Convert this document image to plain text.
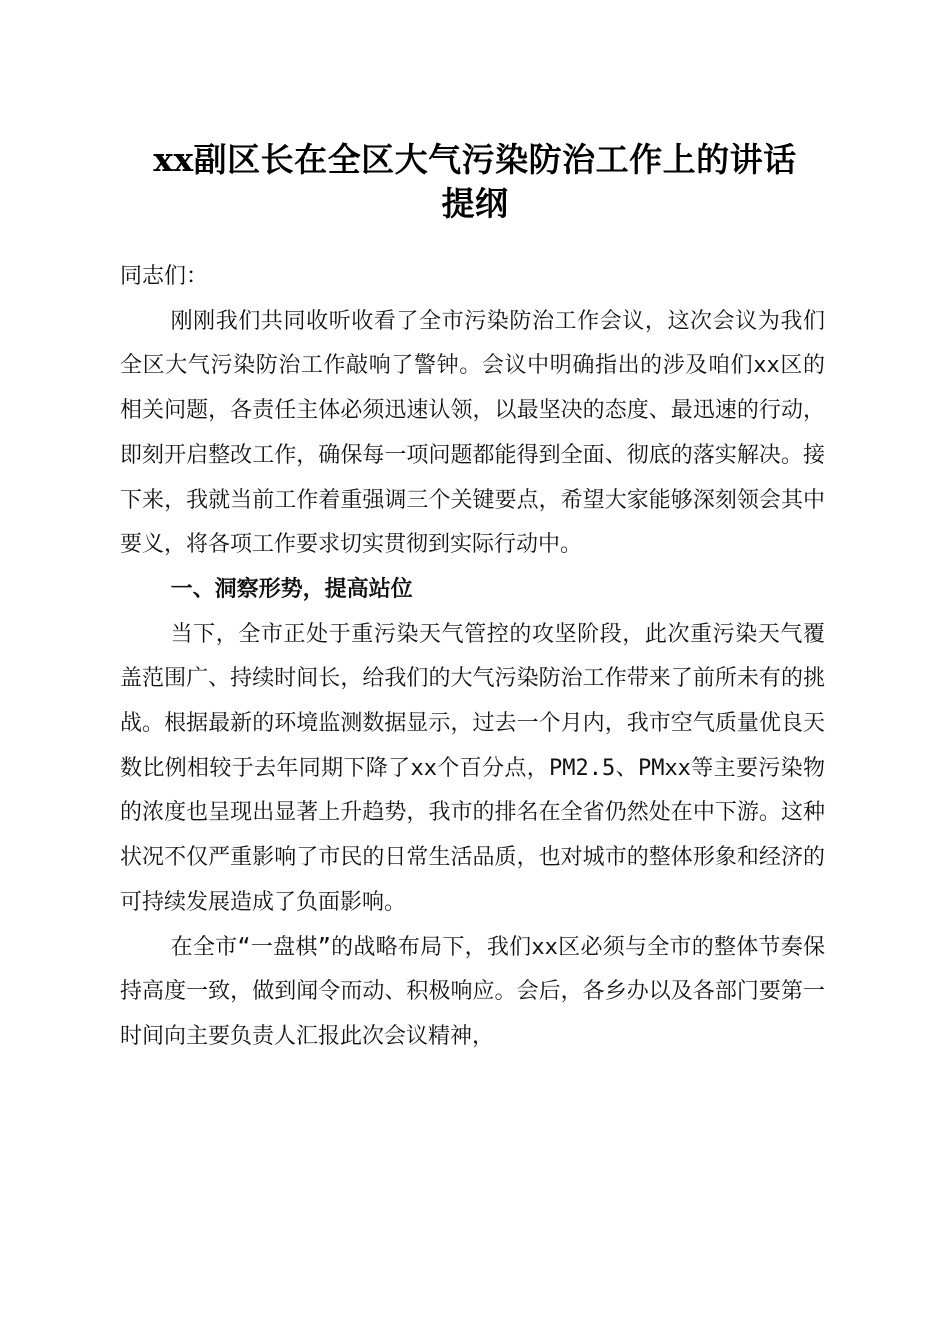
xx副区长在全区大气污染防治工作上的讲话
提纲

同志们：

刚刚我们共同收听收看了全市污染防治工作会议，这次会议为我们全区大气污染防治工作敲响了警钟。会议中明确指出的涉及咱们xx区的相关问题，各责任主体必须迅速认领，以最坚决的态度、最迅速的行动，即刻开启整改工作，确保每一项问题都能得到全面、彻底的落实解决。接下来，我就当前工作着重强调三个关键要点，希望大家能够深刻领会其中要义，将各项工作要求切实贯彻到实际行动中。

一、洞察形势，提高站位

当下，全市正处于重污染天气管控的攻坚阶段，此次重污染天气覆盖范围广、持续时间长，给我们的大气污染防治工作带来了前所未有的挑战。根据最新的环境监测数据显示，过去一个月内，我市空气质量优良天数比例相较于去年同期下降了xx个百分点，PM2.5、PMxx等主要污染物的浓度也呈现出显著上升趋势，我市的排名在全省仍然处在中下游。这种状况不仅严重影响了市民的日常生活品质，也对城市的整体形象和经济的可持续发展造成了负面影响。

在全市“一盘棋”的战略布局下，我们xx区必须与全市的整体节奏保持高度一致，做到闻令而动、积极响应。会后，各乡办以及各部门要第一时间向主要负责人汇报此次会议精神，
